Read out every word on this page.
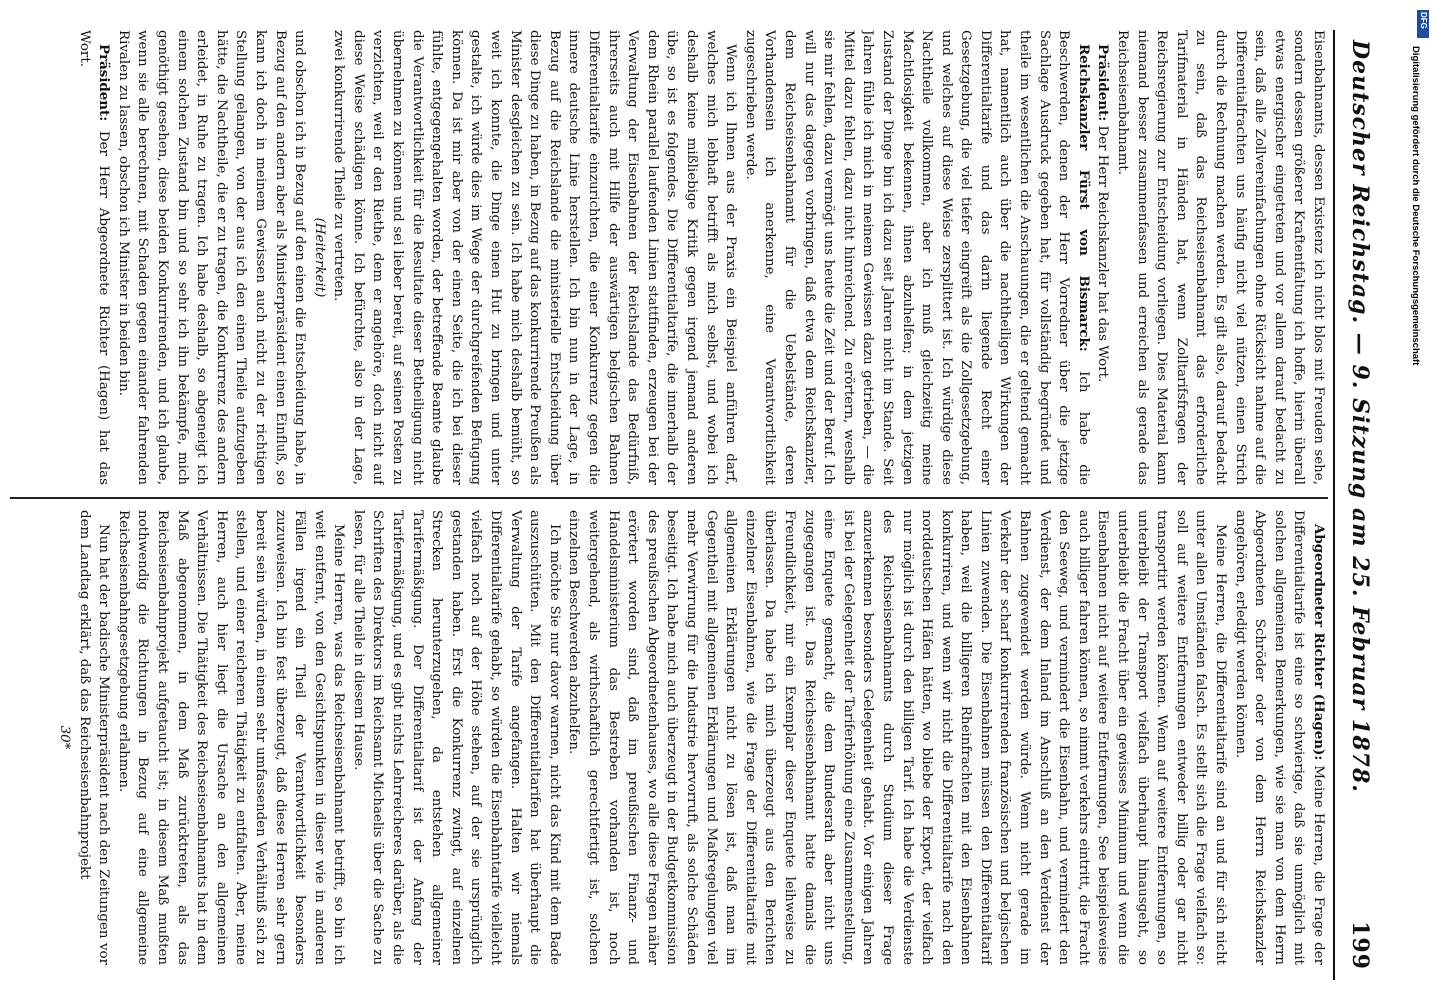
Deutscher Reichstag. — 9. Sitzung am 25. Februar 1878.
199

Eisenbahnamts, dessen Existenz ich nicht blos mit Freuden sehe, sondern dessen größerer Kraftentfaltung ich hoffe, hierin überall etwas energischer eingetreten und vor allem darauf bedacht zu sein, daß alle Zollvereinfachungen ohne Rücksicht nahme auf die Differentialfrachten uns häufig nicht viel nützen, einen Strich durch die Rechnung machen werden. Es gilt also, darauf bedacht zu sein, daß das Reichseisenbahnamt das erforderliche Tarifmaterial in Händen hat, wenn Zolltarifsfragen der Reichsregierung zur Entscheidung vorliegen. Dies Material kann niemand besser zusammenfassen und erreichen als gerade das Reichseisenbahnamt.

Präsident: Der Herr Reichskanzler hat das Wort.

Reichskanzler Fürst von Bismarck: Ich habe die Beschwerden, denen der Herr Vorredner über die jetzige Sachlage Ausdruck gegeben hat, für vollständig begründet und theile im wesentlichen die Anschauungen, die er geltend gemacht hat, namentlich auch über die nachtheiligen Wirkungen der Differentialtarife und das darin liegende Recht einer Gesetzgebung, die viel tiefer eingreift als die Zollgesetzgebung, und welches auf diese Weise zersplittert ist. Ich würdige diese Nachtheile vollkommen, aber ich muß gleichzeitig meine Machtlosigkeit bekennen, ihnen abzuhelfen; in dem jetzigen Zustand der Dinge bin ich dazu seit Jahren nicht im Stande. Seit Jahren fühle ich mich in meinem Gewissen dazu getrieben, — die Mittel dazu fehlen, dazu nicht hinreichend. Zu erörtern, weshalb sie mir fehlen, dazu vermögt uns heute die Zeit und der Beruf. Ich will nur das dagegen vorbringen, daß etwa dem Reichskanzler, dem Reichseisenbahnamt für die Uebelstände, deren Vorhandensein ich anerkenne, eine Verantwortlichkeit zugeschrieben werde.

Wenn ich Ihnen aus der Praxis ein Beispiel anführen darf, welches mich lebhaft betrifft als mich selbst, und wobei ich deshalb keine mißliebige Kritik gegen irgend jemand anderen übe, so ist es folgendes. Die Differentialtarife, die innerhalb der dem Rhein parallel laufenden Linien stattfinden, erzeugen bei der Verwaltung der Eisenbahnen der Reichslande das Bedürfniß, ihrerseits auch mit Hilfe der auswärtigen belgischen Bahnen Differentialtarife einzurichten, die einer Konkurrenz gegen die innere deutsche Linie herstellen. Ich bin nun in der Lage, in Bezug auf die Reichslande die ministerielle Entscheidung über diese Dinge zu haben, in Bezug auf das konkurrirende Preußen als Minister desgleichen zu sein. Ich habe mich deshalb bemüht, so weit ich konnte, die Dinge einen Hut zu bringen und unter gestalte, ich würde dies im Wege der durchgreifenden Befugung können. Da ist mir aber von der einen Seite, die ich bei dieser fühlte, entgegengehalten worden, der betreffende Beamte glaube die Verantwortlichkeit für die Resultate dieser Betheiligung nicht übernehmen zu können und sei lieber bereit, auf seinen Posten zu verzichten, weil er den Riethe, dem er angehöre, doch nicht auf diese Weise schädigen könne. Ich befürchte, also in der Lage, zwei konkurrirende Theile zu vertreten.

(Heiterkeit)

und obschon ich in Bezug auf den einen die Entscheidung habe, in Bezug auf den andern aber als Ministerpräsident einen Einfluß, so kann ich doch in meinem Gewissen auch nicht zu der richtigen Stellung gelangen, von der aus ich den einen Theile aufzugeben hätte, die Nachtheile, die er zu tragen, die Konkurrenz des andern erleidet, in Ruhe zu tragen. Ich habe deshalb, so abgeneigt ich einem solchen Zustand bin und so sehr ich ihn bekämpfe, mich genöthigt gesehen, diese beiden Konkurrirenden, und ich glaube, wenn sie alle berechnen, mit Schaden gegen einander fahrenden Rivalen zu lassen, obschon ich Minister in beiden bin.

Präsident: Der Herr Abgeordnete Richter (Hagen) hat das Wort.

Abgeordneter Richter (Hagen): Meine Herren, die Frage der Differentialtarife ist eine so schwierige, daß sie unmöglich mit solchen allgemeinen Bemerkungen, wie sie man von dem Herrn Abgeordneten Schröder oder von dem Herrn Reichskanzler angehören, erledigt werden können.

Meine Herren, die Differentialtarife sind an und für sich nicht unter allen Umständen falsch. Es stellt sich die Frage vielfach so: soll auf weitere Entfernungen entweder billig oder gar nicht transportirt werden können. Wenn auf weitere Entfernungen, so unterbleibt der Transport vielfach überhaupt hinausgeht, so unterbleibt die Fracht über ein gewisses Minimum und wenn die Eisenbahnen nicht auf weitere Entfernungen, See beispielsweise auch billiger fahren können, so nimmt verkehrs eintritt, die Fracht den Seeweg, und vermindert die Eisenbahn, und vermindert den Verdienst, der dem Inland im Anschluß an den Verdienst der Bahnen zugewendet werden würde. Wenn nicht gerade im Verkehr der scharf konkurrirenden französischen und belgischen Linien zuwenden. Die Eisenbahnen müssen den Differentialtarif haben, weil die billigeren Rheinfrachten mit den Eisenbahnen konkurriren, und wenn wir nicht die Differentialtarife nach den norddeutschen Häfen hätten, wo bliebe der Export, der vielfach nur möglich ist durch den billigen Tarif. Ich habe die Verdienste des Reichseisenbahnamts durch Studium dieser Frage anzuerkennen besonders Gelegenheit gehabt. Vor einigen Jahren ist bei der Gelegenheit der Tariferhöhung eine Zusammenstellung, eine Enquete gemacht, die dem Bundesrath aber nicht uns zugegangen ist. Das Reichseisenbahnamt hatte damals die Freundlichkeit, mir ein Exemplar dieser Enquete leihweise zu überlassen. Da habe ich mich überzeugt aus den Berichten einzelner Eisenbahnen, wie die Frage der Differentialtarife mit allgemeinen Erklärungen nicht zu lösen ist, daß man im Gegentheil mit allgemeinen Erklärungen und Maßregelungen viel mehr Verwirrung für die Industrie hervorruft, als solche Schäden beseitigt. Ich habe mich auch überzeugt in der Budgetkommission des preußischen Abgeordnetenhauses, wo alle diese Fragen näher erörtert worden sind, daß im preußischen Finanz- und Handelsministerium das Bestreben vorhanden ist, noch weitergehend, als wirthschaftlich gerechtfertigt ist, solchen einzelnen Beschwerden abzuhelfen.

Ich möchte Sie nur davor warnen, nicht das Kind mit dem Bade auszuschütten. Mit den Differentialtarifen hat überhaupt die Verwaltung der Tarife angefangen. Halten wir niemals Differentialtarife gehabt, so würden die Eisenbahntarife vielleicht vielfach noch auf der Höhe stehen, auf der sie ursprünglich gestanden haben. Erst die Konkurrenz zwingt, auf einzelnen Strecken herunterzugehen, da entstehen allgemeiner Tarifermäßigung. Der Differentialtarif ist der Anfang der Tarifermäßigung, und es gibt nichts Lehrreicheres darüber, als die Schriften des Direktors im Reichsamt Michaelis über die Sache zu lesen, für alle Theile in diesem Hause.

Meine Herren, was das Reichseisenbahnamt betrifft, so bin ich weit entfernt, von den Gesichtspunkten in dieser wie in anderen Fällen irgend ein Theil der Verantwortlichkeit besonders zuzuweisen. Ich bin fest überzeugt, daß diese Herren sehr gern bereit sein würden, in einem sehr umfassenden Verhältniß sich zu stellen, und einer reicheren Thätigkeit zu entfalten. Aber, meine Herren, auch hier liegt die Ursache an den allgemeinen Verhältnissen. Die Thätigkeit des Reichseisenbahnamts hat in dem Maß abgenommen, in dem Maß zurücktreten, als das Reichseisenbahnprojekt aufgetaucht ist; in diesem Maß mußten nothwendig die Richtungen in Bezug auf eine allgemeine Reichseisenbahngesetzgebung erlahmen.

Nun hat der badische Ministerpräsident nach den Zeitungen vor dem Landtag erklärt, daß das Reichseisenbahnprojekt

30*

DFG
Digitalisierung gefördert durch die Deutsche Forschungsgemeinschaft
